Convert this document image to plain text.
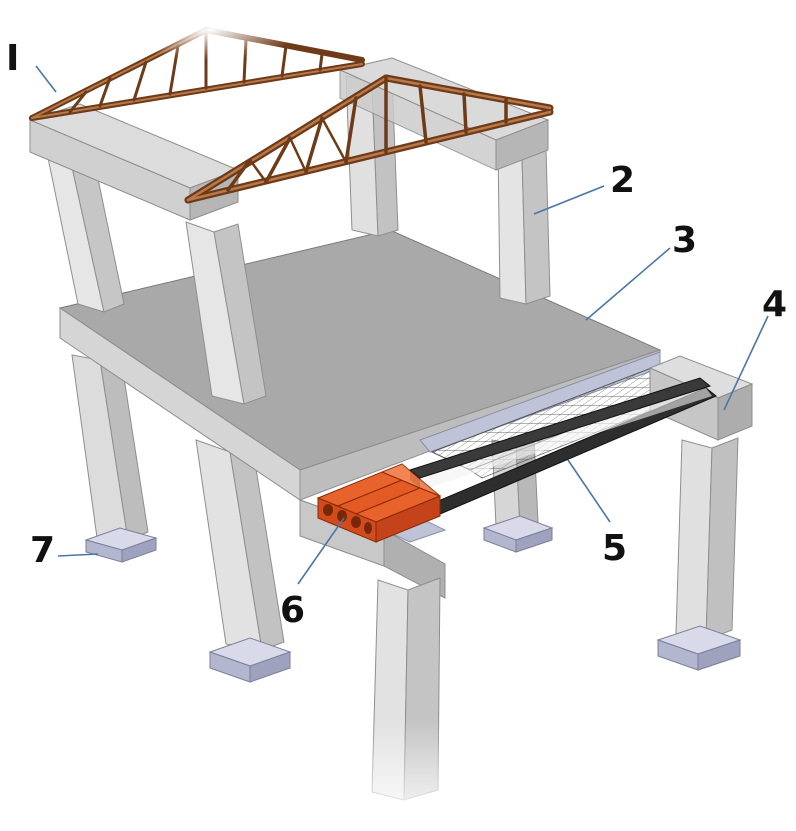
I
2
3
4
5
6
7
